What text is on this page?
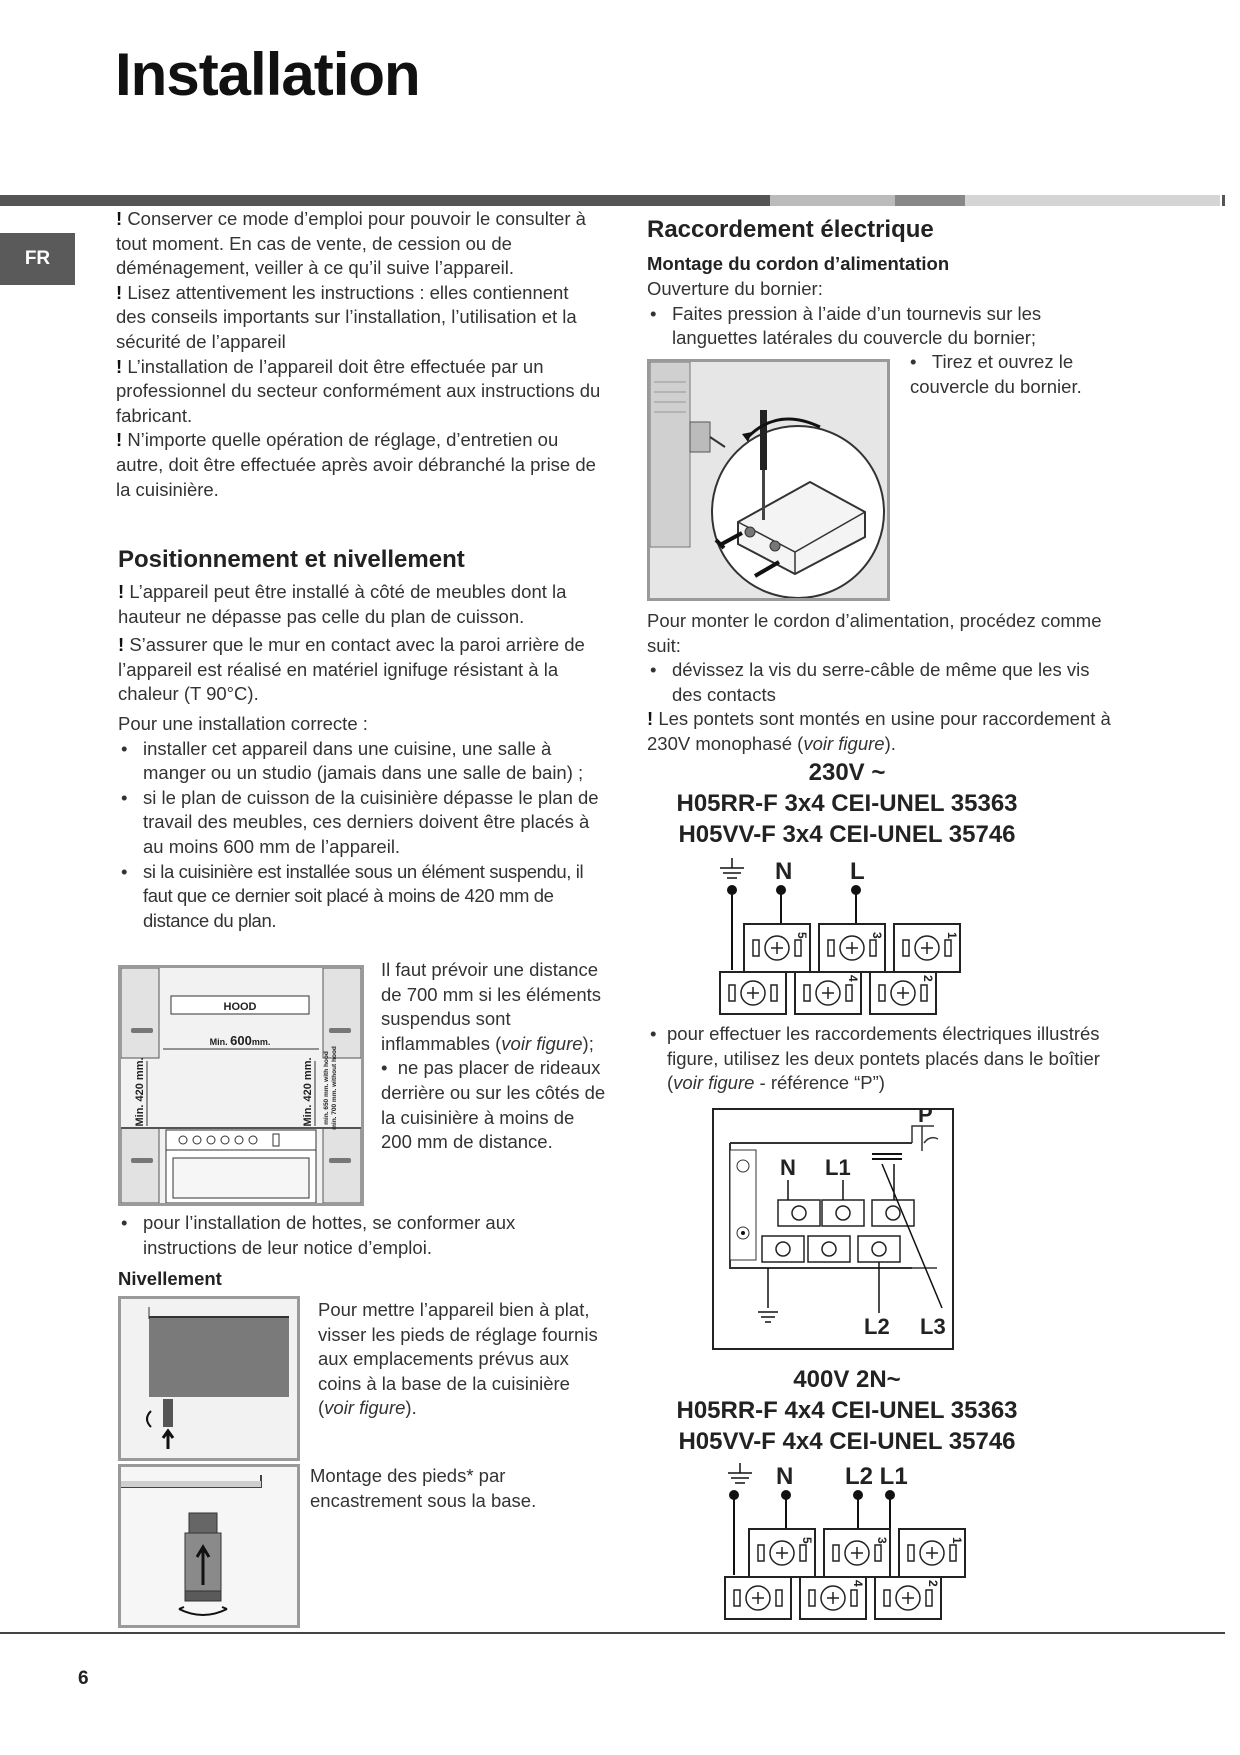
Installation
FR

! Conserver ce mode d’emploi pour pouvoir le consulter à tout moment. En cas de vente, de cession ou de déménagement, veiller à ce qu’il suive l’appareil.

! Lisez attentivement les instructions : elles contiennent des conseils importants sur l’installation, l’utilisation et la sécurité de l’appareil

! L’installation de l’appareil doit être effectuée par un professionnel du secteur conformément aux instructions du fabricant.

! N’importe quelle opération de réglage, d’entretien ou autre, doit être effectuée après avoir débranché la prise de la cuisinière.

Positionnement et nivellement

! L’appareil peut être installé à côté de meubles dont la hauteur ne dépasse pas celle du plan de cuisson.

! S’assurer que le mur en contact avec la paroi arrière de l’appareil est réalisé en matériel ignifuge résistant à la chaleur (T 90°C).

Pour une installation correcte :

• installer cet appareil dans une cuisine, une salle à manger ou un studio (jamais dans une salle de bain) ;
• si le plan de cuisson de la cuisinière dépasse le plan de travail des meubles, ces derniers doivent être placés à au moins 600 mm de l’appareil.
• si la cuisinière est installée sous un élément suspendu, il faut que ce dernier soit placé à moins de 420 mm de distance du plan.
HOOD
Min. 600mm.
Min. 420 mm.	Min. 420 mm. min. 650 mm. with hood min. 700 mm. without hood

Il faut prévoir une distance de 700 mm si les éléments suspendus sont inflammables (voir figure);

•  ne pas placer de rideaux derrière ou sur les côtés de la cuisinière à moins de 200 mm de distance.

• pour l’installation de hottes, se conformer aux instructions de leur notice d’emploi.
Nivellement

Pour mettre l’appareil bien à plat, visser les pieds de réglage fournis aux emplacements prévus aux coins à la base de la cuisinière (voir figure).

Montage des pieds* par encastrement sous la base.

Raccordement électrique
Montage du cordon d’alimentation

Ouverture du bornier:

• Faites pression à l’aide d’un tournevis sur les languettes latérales du couvercle du bornier;

•   Tirez et ouvrez le couvercle du bornier.

Pour monter le cordon d’alimentation, procédez comme suit:

• dévissez la vis du serre-câble de même que les vis des contacts

! Les pontets sont montés en usine pour raccordement à 230V monophasé (voir figure).

230V ~
H05RR-F 3x4 CEI-UNEL 35363
H05VV-F 3x4 CEI-UNEL 35746
N L
5	3	1
4	2
• pour effectuer les raccordements électriques illustrés figure, utilisez les deux pontets placés dans le boîtier (voir figure - référence “P”)
P
N L1
L2 L3
400V 2N~
H05RR-F 4x4 CEI-UNEL 35363
H05VV-F 4x4 CEI-UNEL 35746
N L2 L1
5	3	1
4	2
6
